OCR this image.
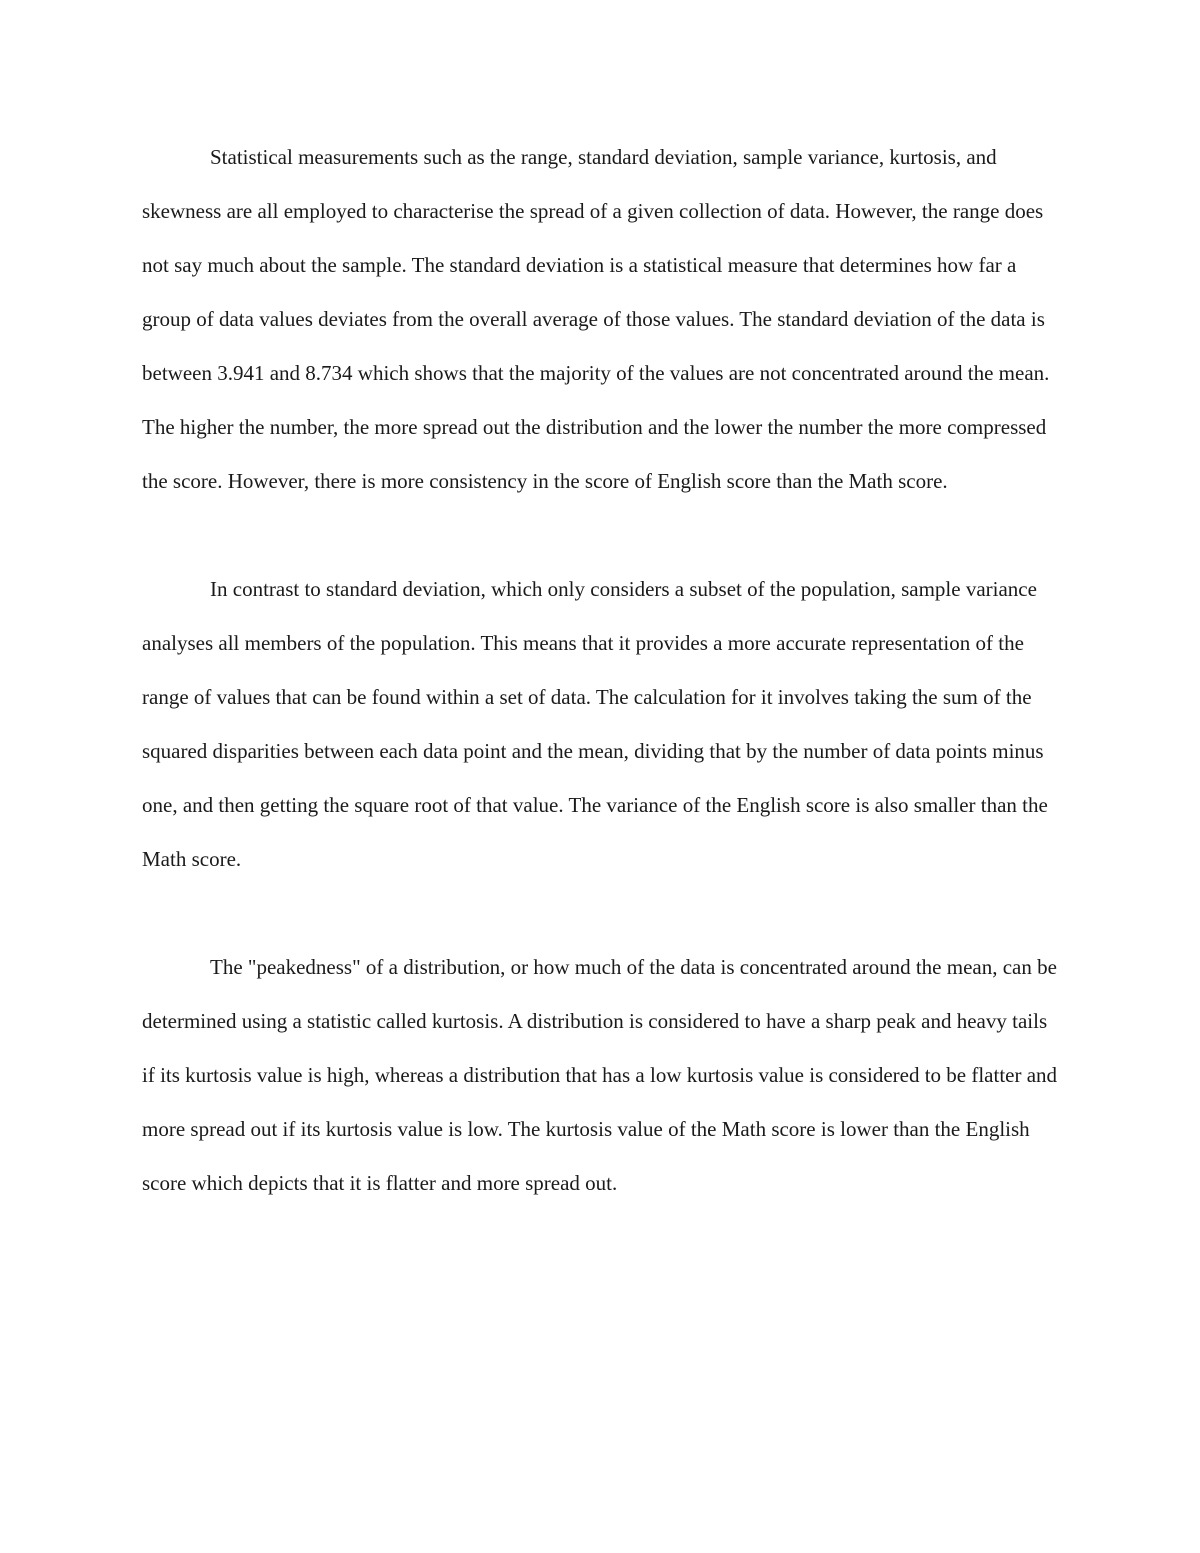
Statistical measurements such as the range, standard deviation, sample variance, kurtosis, and skewness are all employed to characterise the spread of a given collection of data. However, the range does not say much about the sample. The standard deviation is a statistical measure that determines how far a group of data values deviates from the overall average of those values. The standard deviation of the data is between 3.941 and 8.734 which shows that the majority of the values are not concentrated around the mean. The higher the number, the more spread out the distribution and the lower the number the more compressed the score. However, there is more consistency in the score of English score than the Math score.

In contrast to standard deviation, which only considers a subset of the population, sample variance analyses all members of the population. This means that it provides a more accurate representation of the range of values that can be found within a set of data. The calculation for it involves taking the sum of the squared disparities between each data point and the mean, dividing that by the number of data points minus one, and then getting the square root of that value. The variance of the English score is also smaller than the Math score.

The "peakedness" of a distribution, or how much of the data is concentrated around the mean, can be determined using a statistic called kurtosis. A distribution is considered to have a sharp peak and heavy tails if its kurtosis value is high, whereas a distribution that has a low kurtosis value is considered to be flatter and more spread out if its kurtosis value is low. The kurtosis value of the Math score is lower than the English score which depicts that it is flatter and more spread out.
